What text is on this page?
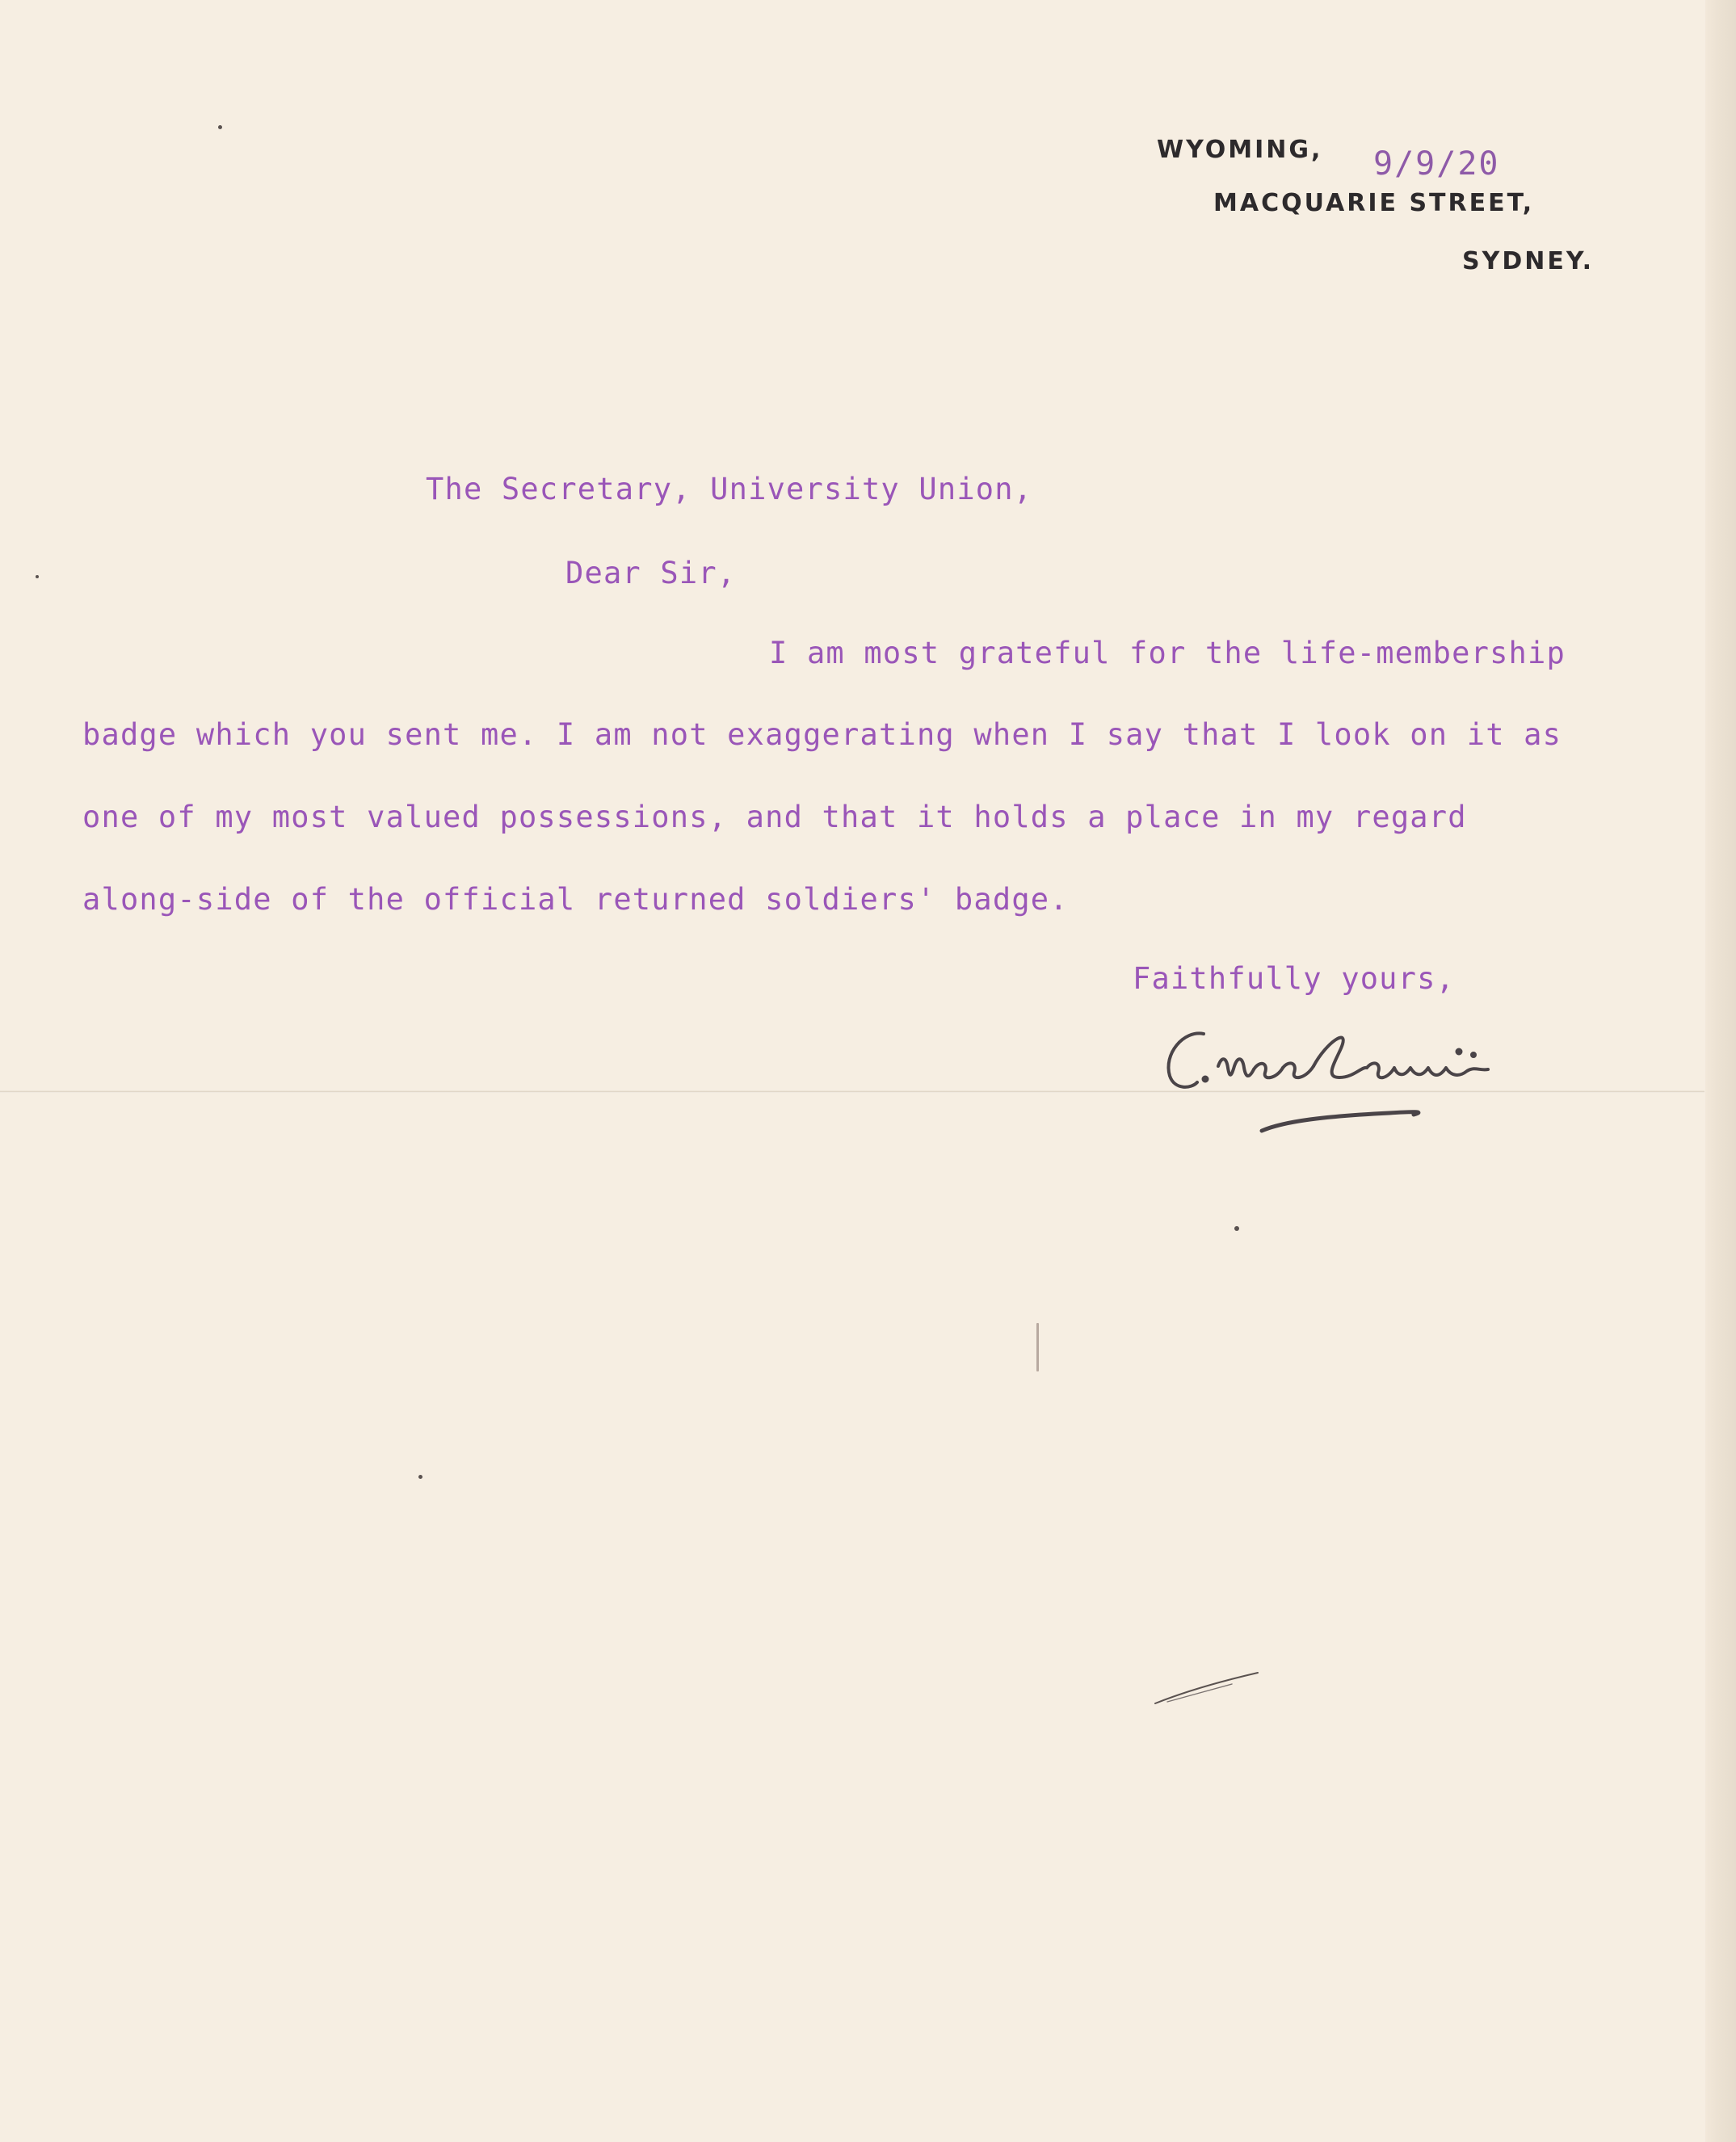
WYOMING, 9/9/20
MACQUARIE STREET,
SYDNEY.
The Secretary, University Union,
Dear Sir,
I am most grateful for the life-membership
badge which you sent me. I am not exaggerating when I say that I look on it as
one of my most valued possessions, and that it holds a place in my regard
along-side of the official returned soldiers' badge.
Faithfully yours,
